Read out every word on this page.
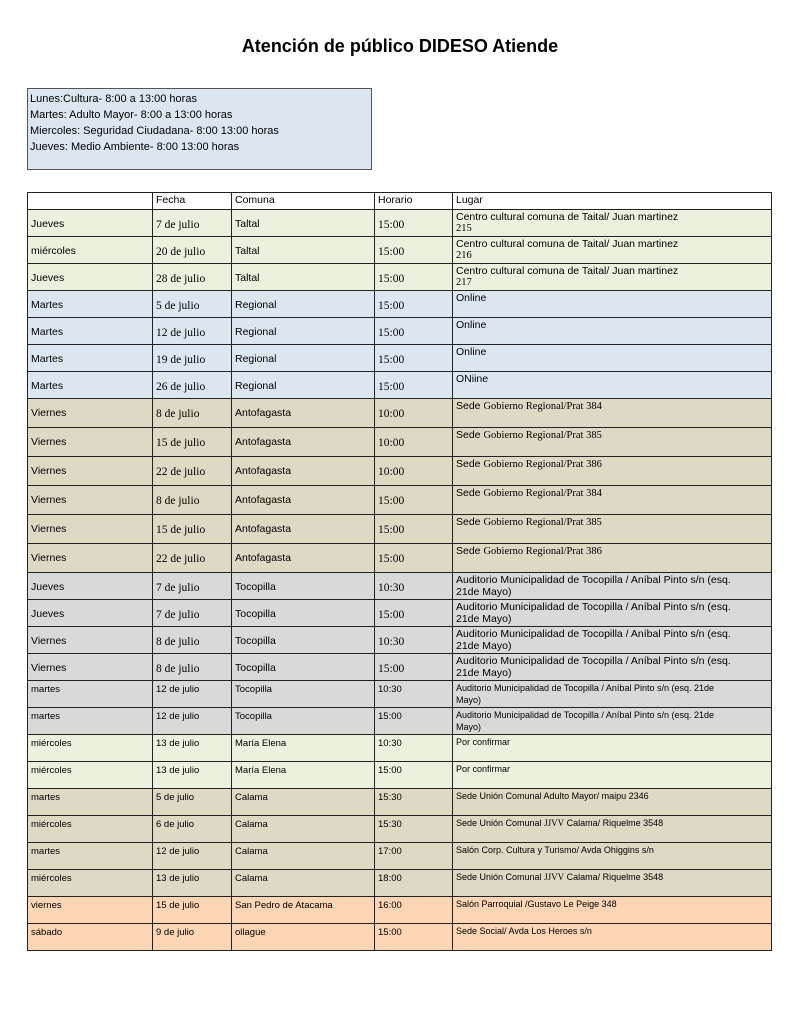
Atención de público DIDESO Atiende
Lunes:Cultura- 8:00 a 13:00 horas
Martes: Adulto Mayor- 8:00 a 13:00 horas
Miercoles: Seguridad Ciudadana- 8:00 13:00 horas
Jueves: Medio Ambiente- 8:00 13:00 horas
	Fecha	Comuna	Horario	Lugar
Jueves	7 de julio	Taltal	15:00	Centro cultural comuna de Taital/ Juan martinez
215

miércoles	20 de julio	Taltal	15:00	Centro cultural comuna de Taital/ Juan martinez
216

Jueves	28 de julio	Taltal	15:00	Centro cultural comuna de Taital/ Juan martinez
217

Martes	5 de julio	Regional	15:00	Online

Martes	12 de julio	Regional	15:00	Online

Martes	19 de julio	Regional	15:00	Online

Martes	26 de julio	Regional	15:00	ONiine

Viernes	8 de julio	Antofagasta	10:00	Sede Gobierno Regional/Prat 384
Viernes	15 de julio	Antofagasta	10:00	Sede Gobierno Regional/Prat 385
Viernes	22 de julio	Antofagasta	10:00	Sede Gobierno Regional/Prat 386
Viernes	8 de julio	Antofagasta	15:00	Sede Gobierno Regional/Prat 384
Viernes	15 de julio	Antofagasta	15:00	Sede Gobierno Regional/Prat 385
Viernes	22 de julio	Antofagasta	15:00	Sede Gobierno Regional/Prat 386
Jueves	7 de julio	Tocopilla	10:30	Auditorio Municipalidad de Tocopilla / Aníbal Pinto s/n (esq.
21de Mayo)

Jueves	7 de julio	Tocopilla	15:00	Auditorio Municipalidad de Tocopilla / Aníbal Pinto s/n (esq.
21de Mayo)

Viernes	8 de julio	Tocopilla	10:30	Auditorio Municipalidad de Tocopilla / Aníbal Pinto s/n (esq.
21de Mayo)

Viernes	8 de julio	Tocopilla	15:00	Auditorio Municipalidad de Tocopilla / Aníbal Pinto s/n (esq.
21de Mayo)

martes	12 de julio	Tocopilla	10:30	Auditorio Municipalidad de Tocopilla / Aníbal Pinto s/n (esq. 21de
Mayo)

martes	12 de julio	Tocopilla	15:00	Auditorio Municipalidad de Tocopilla / Aníbal Pinto s/n (esq. 21de
Mayo)

miércoles	13 de julio	María Elena	10:30	Por confirmar

miércoles	13 de julio	María Elena	15:00	Por confirmar

martes	5 de julio	Calama	15:30	Sede Unión Comunal Adulto Mayor/ maipu 2346

miércoles	6 de julio	Calama	15:30	Sede Unión Comunal JJVV Calama/ Riquelme 3548
martes	12 de julio	Calama	17:00	Salón Corp. Cultura y Turismo/ Avda Ohiggins s/n

miércoles	13 de julio	Calama	18:00	Sede Unión Comunal JJVV Calama/ Riquelme 3548
viernes	15 de julio	San Pedro de Atacama	16:00	Salón Parroquial /Gustavo Le Peige 348

sábado	9 de julio	ollague	15:00	Sede Social/ Avda Los Heroes s/n
